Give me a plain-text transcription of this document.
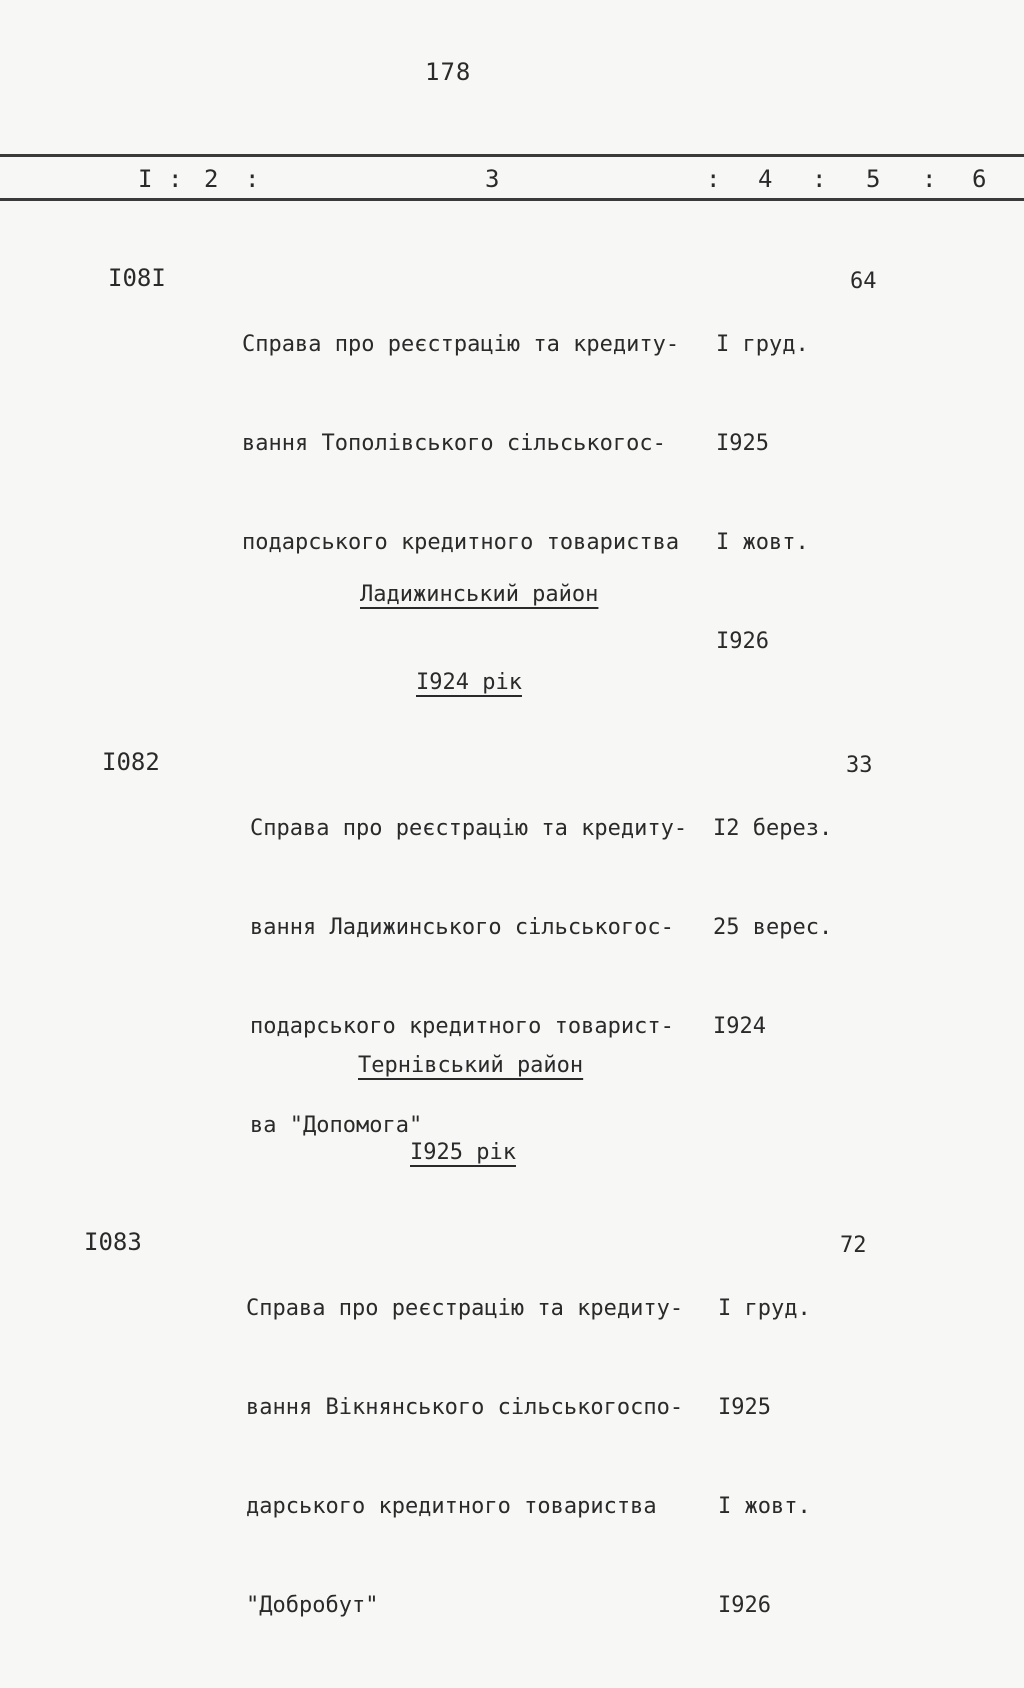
178
I : 2 :	3	: 4 : 5 : 6
I08I

Справа про реєстрацію та кредиту-

вання Тополівського сільськогос-

подарського кредитного товариства

I груд.

I925

I жовт.

I926

64
Ладижинський район
I924 рік
I082

Справа про реєстрацію та кредиту-

вання Ладижинського сільськогос-

подарського кредитного товарист-

ва "Допомога"

I2 берез.

25 верес.

I924

33
Тернівський район
I925 рік
I083

Справа про реєстрацію та кредиту-

вання Вікнянського сільськогоспо-

дарського кредитного товариства

"Добробут"

I груд.

I925

I жовт.

I926

72
